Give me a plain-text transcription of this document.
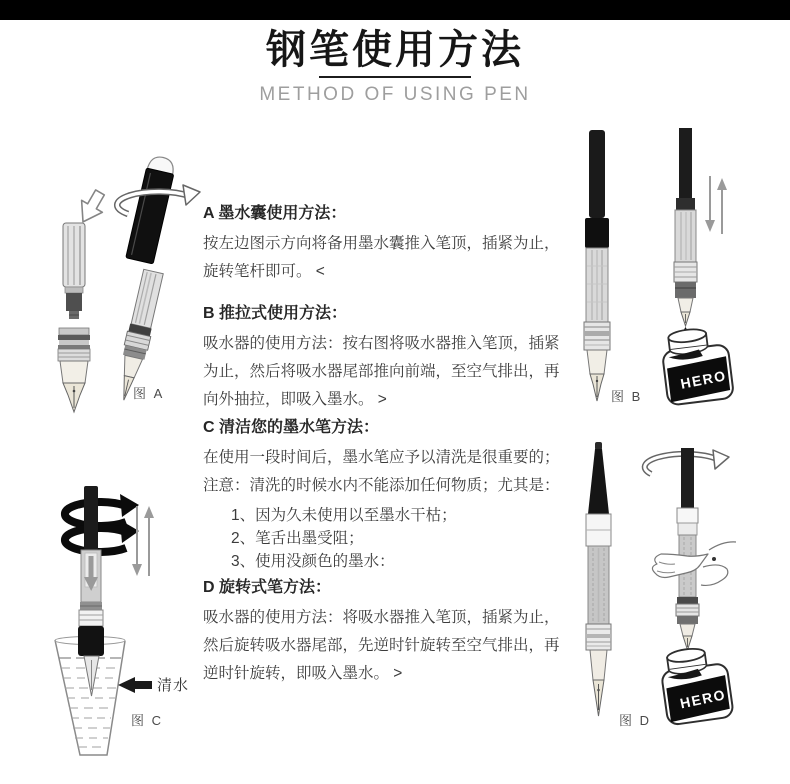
钢笔使用方法
METHOD OF USING PEN
A 墨水囊使用方法：
按左边图示方向将备用墨水囊推入笔顶，插紧为止，旋转笔杆即可。 <
B 推拉式使用方法：
吸水器的使用方法：按右图将吸水器推入笔顶，插紧为止，然后将吸水器尾部推向前端，至空气排出，再向外抽拉，即吸入墨水。 >
C 清洁您的墨水笔方法：
在使用一段时间后，墨水笔应予以清洗是很重要的；注意：清洗的时候水内不能添加任何物质；尤其是：
1、因为久未使用以至墨水干枯；
2、笔舌出墨受阻；
3、使用没颜色的墨水：
D 旋转式笔方法：
吸水器的使用方法：将吸水器推入笔顶，插紧为止，然后旋转吸水器尾部，先逆时针旋转至空气排出，再逆时针旋转，即吸入墨水。 >
图 A
HERO
图 B
清水
图 C
HERO
图 D
